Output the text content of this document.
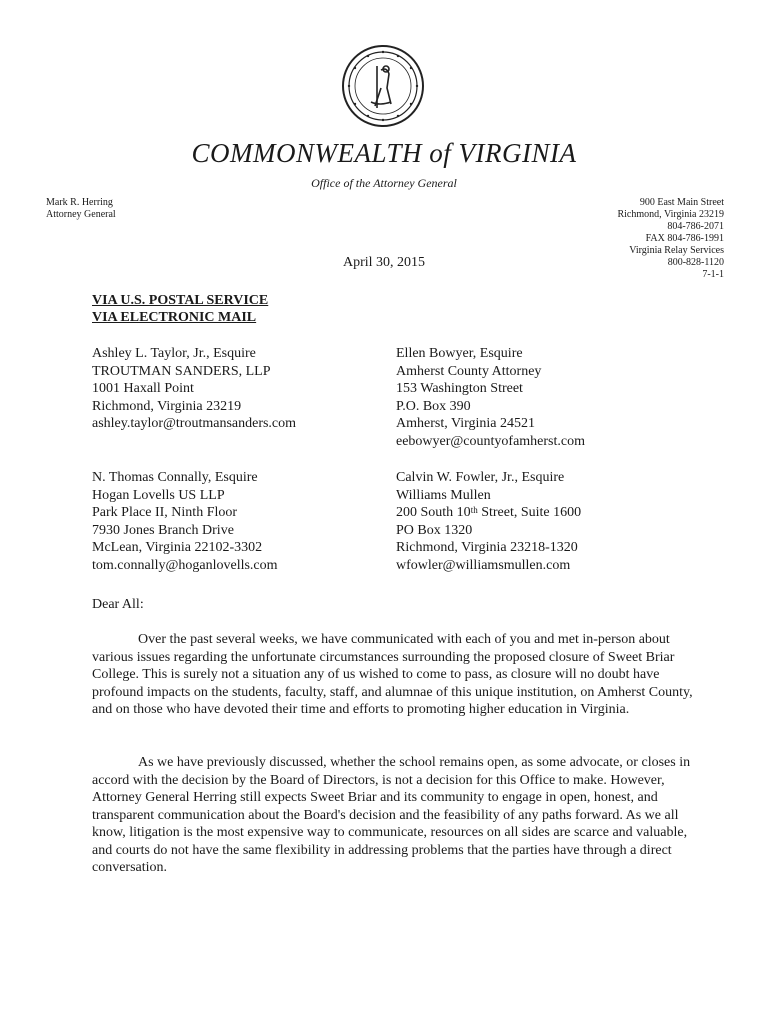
COMMONWEALTH of VIRGINIA
Office of the Attorney General
Mark R. Herring
Attorney General
900 East Main Street
Richmond, Virginia 23219
804-786-2071
FAX 804-786-1991
Virginia Relay Services
800-828-1120
7-1-1
April 30, 2015
VIA U.S. POSTAL SERVICE
VIA ELECTRONIC MAIL
Ashley L. Taylor, Jr., Esquire
TROUTMAN SANDERS, LLP
1001 Haxall Point
Richmond, Virginia 23219
ashley.taylor@troutmansanders.com
Ellen Bowyer, Esquire
Amherst County Attorney
153 Washington Street
P.O. Box 390
Amherst, Virginia 24521
eebowyer@countyofamherst.com
N. Thomas Connally, Esquire
Hogan Lovells US LLP
Park Place II, Ninth Floor
7930 Jones Branch Drive
McLean, Virginia 22102-3302
tom.connally@hoganlovells.com
Calvin W. Fowler, Jr., Esquire
Williams Mullen
200 South 10th Street, Suite 1600
PO Box 1320
Richmond, Virginia 23218-1320
wfowler@williamsmullen.com
Dear All:

Over the past several weeks, we have communicated with each of you and met in-person about various issues regarding the unfortunate circumstances surrounding the proposed closure of Sweet Briar College. This is surely not a situation any of us wished to come to pass, as closure will no doubt have profound impacts on the students, faculty, staff, and alumnae of this unique institution, on Amherst County, and on those who have devoted their time and efforts to promoting higher education in Virginia.

As we have previously discussed, whether the school remains open, as some advocate, or closes in accord with the decision by the Board of Directors, is not a decision for this Office to make. However, Attorney General Herring still expects Sweet Briar and its community to engage in open, honest, and transparent communication about the Board's decision and the feasibility of any paths forward. As we all know, litigation is the most expensive way to communicate, resources on all sides are scarce and valuable, and courts do not have the same flexibility in addressing problems that the parties have through a direct conversation.
